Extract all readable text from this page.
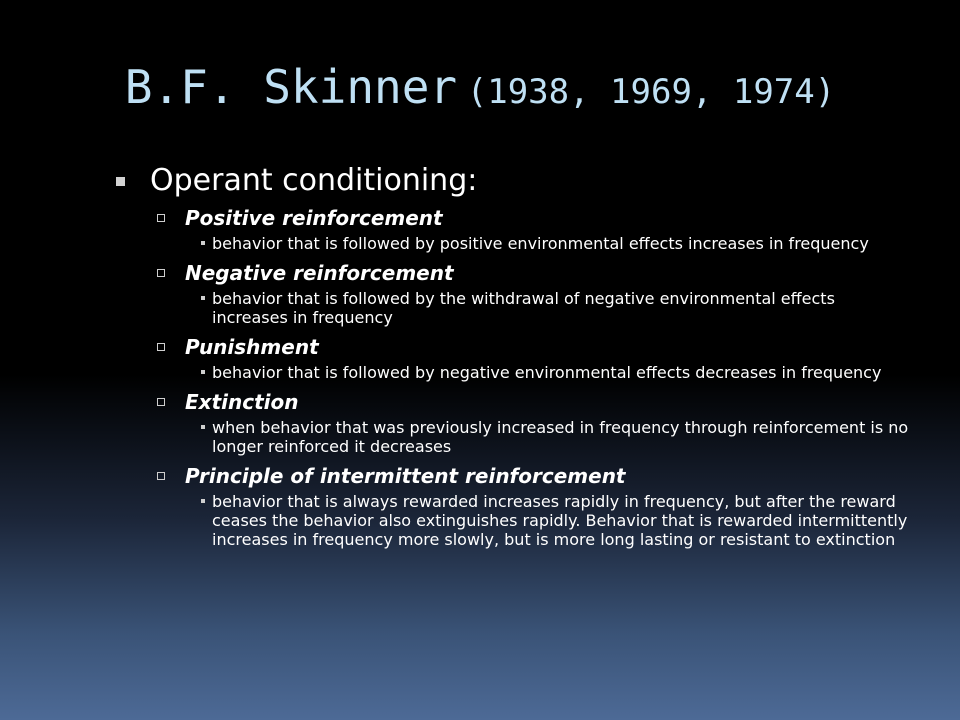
B.F. Skinner (1938, 1969, 1974)
Operant conditioning:
Positive reinforcement
behavior that is followed by positive environmental effects increases in frequency
Negative reinforcement
behavior that is followed by the withdrawal of negative environmental effects increases in frequency
Punishment
behavior that is followed by negative environmental effects decreases in frequency
Extinction
when behavior that was previously increased in frequency through reinforcement is no longer reinforced it decreases
Principle of intermittent reinforcement
behavior that is always rewarded increases rapidly in frequency, but after the reward ceases the behavior also extinguishes rapidly. Behavior that is rewarded intermittently increases in frequency more slowly, but is more long lasting or resistant to extinction
